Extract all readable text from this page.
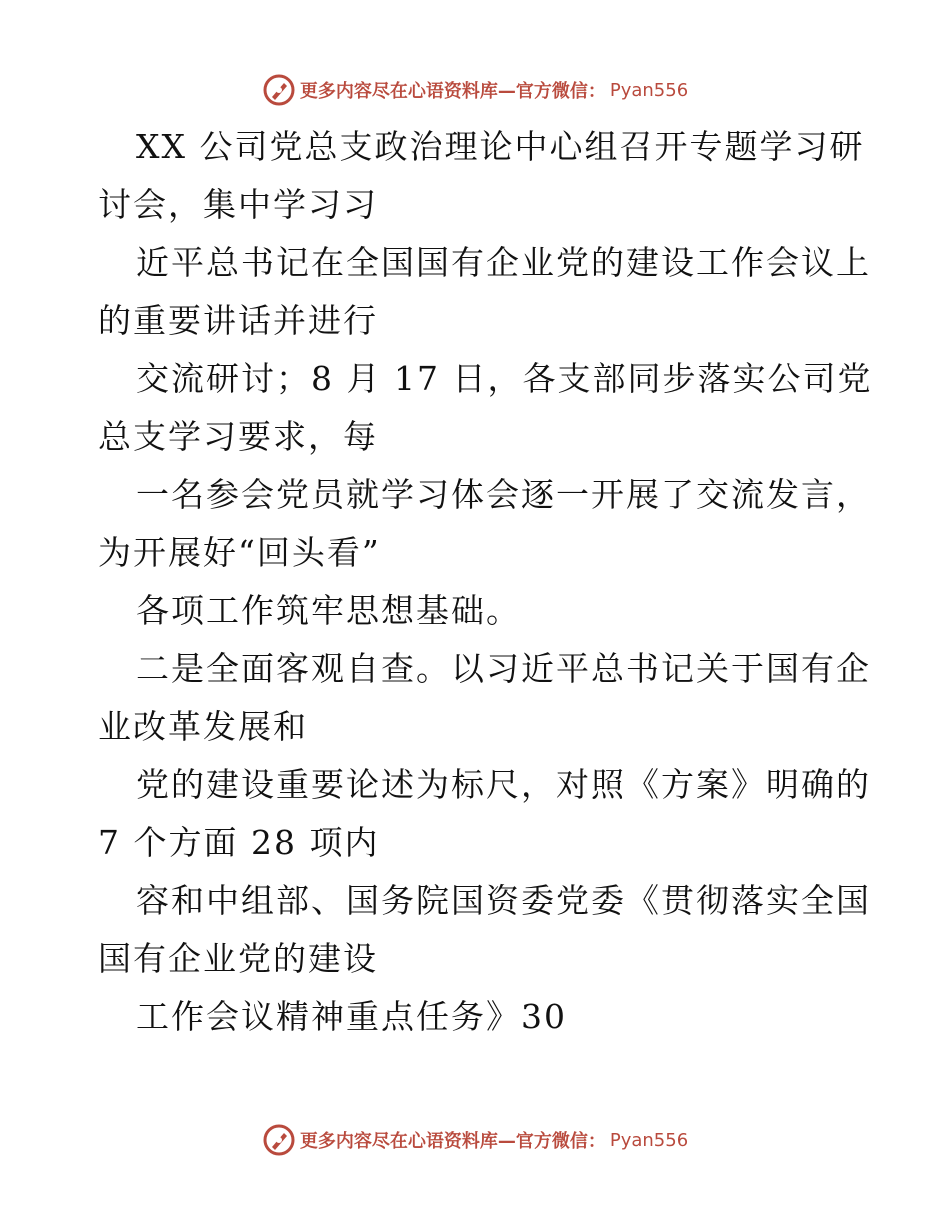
更多内容尽在心语资料库—官方微信： Pyan556
XX 公司党总支政治理论中心组召开专题学习研
讨会，集中学习习
近平总书记在全国国有企业党的建设工作会议上
的重要讲话并进行
交流研讨；8 月 17 日，各支部同步落实公司党
总支学习要求，每
一名参会党员就学习体会逐一开展了交流发言，
为开展好“回头看”
各项工作筑牢思想基础。
二是全面客观自查。以习近平总书记关于国有企
业改革发展和
党的建设重要论述为标尺，对照《方案》明确的
7 个方面 28 项内
容和中组部、国务院国资委党委《贯彻落实全国
国有企业党的建设
工作会议精神重点任务》30
更多内容尽在心语资料库—官方微信： Pyan556
